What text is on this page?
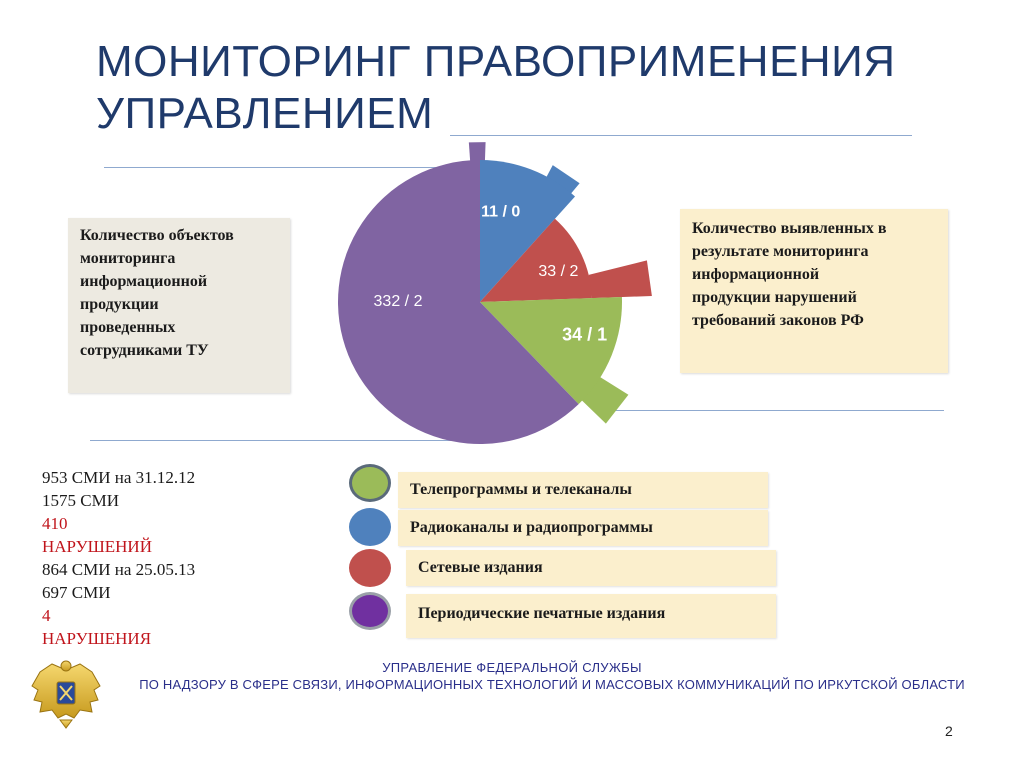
МОНИТОРИНГ ПРАВОПРИМЕНЕНИЯ
УПРАВЛЕНИЕМ
11 / 0
33 / 2
34 / 1
332 / 2
Количество объектов
мониторинга
информационной
продукции
проведенных
сотрудниками ТУ
Количество выявленных в
результате мониторинга
информационной
продукции нарушений
требований законов РФ
953 СМИ на 31.12.12
1575 СМИ
410
НАРУШЕНИЙ
864 СМИ на 25.05.13
697 СМИ
4
НАРУШЕНИЯ
Телепрограммы и телеканалы
Радиоканалы и радиопрограммы
Сетевые издания
Периодические печатные издания
УПРАВЛЕНИЕ ФЕДЕРАЛЬНОЙ СЛУЖБЫ
ПО НАДЗОРУ В СФЕРЕ СВЯЗИ, ИНФОРМАЦИОННЫХ ТЕХНОЛОГИЙ И МАССОВЫХ КОММУНИКАЦИЙ ПО ИРКУТСКОЙ ОБЛАСТИ
2
